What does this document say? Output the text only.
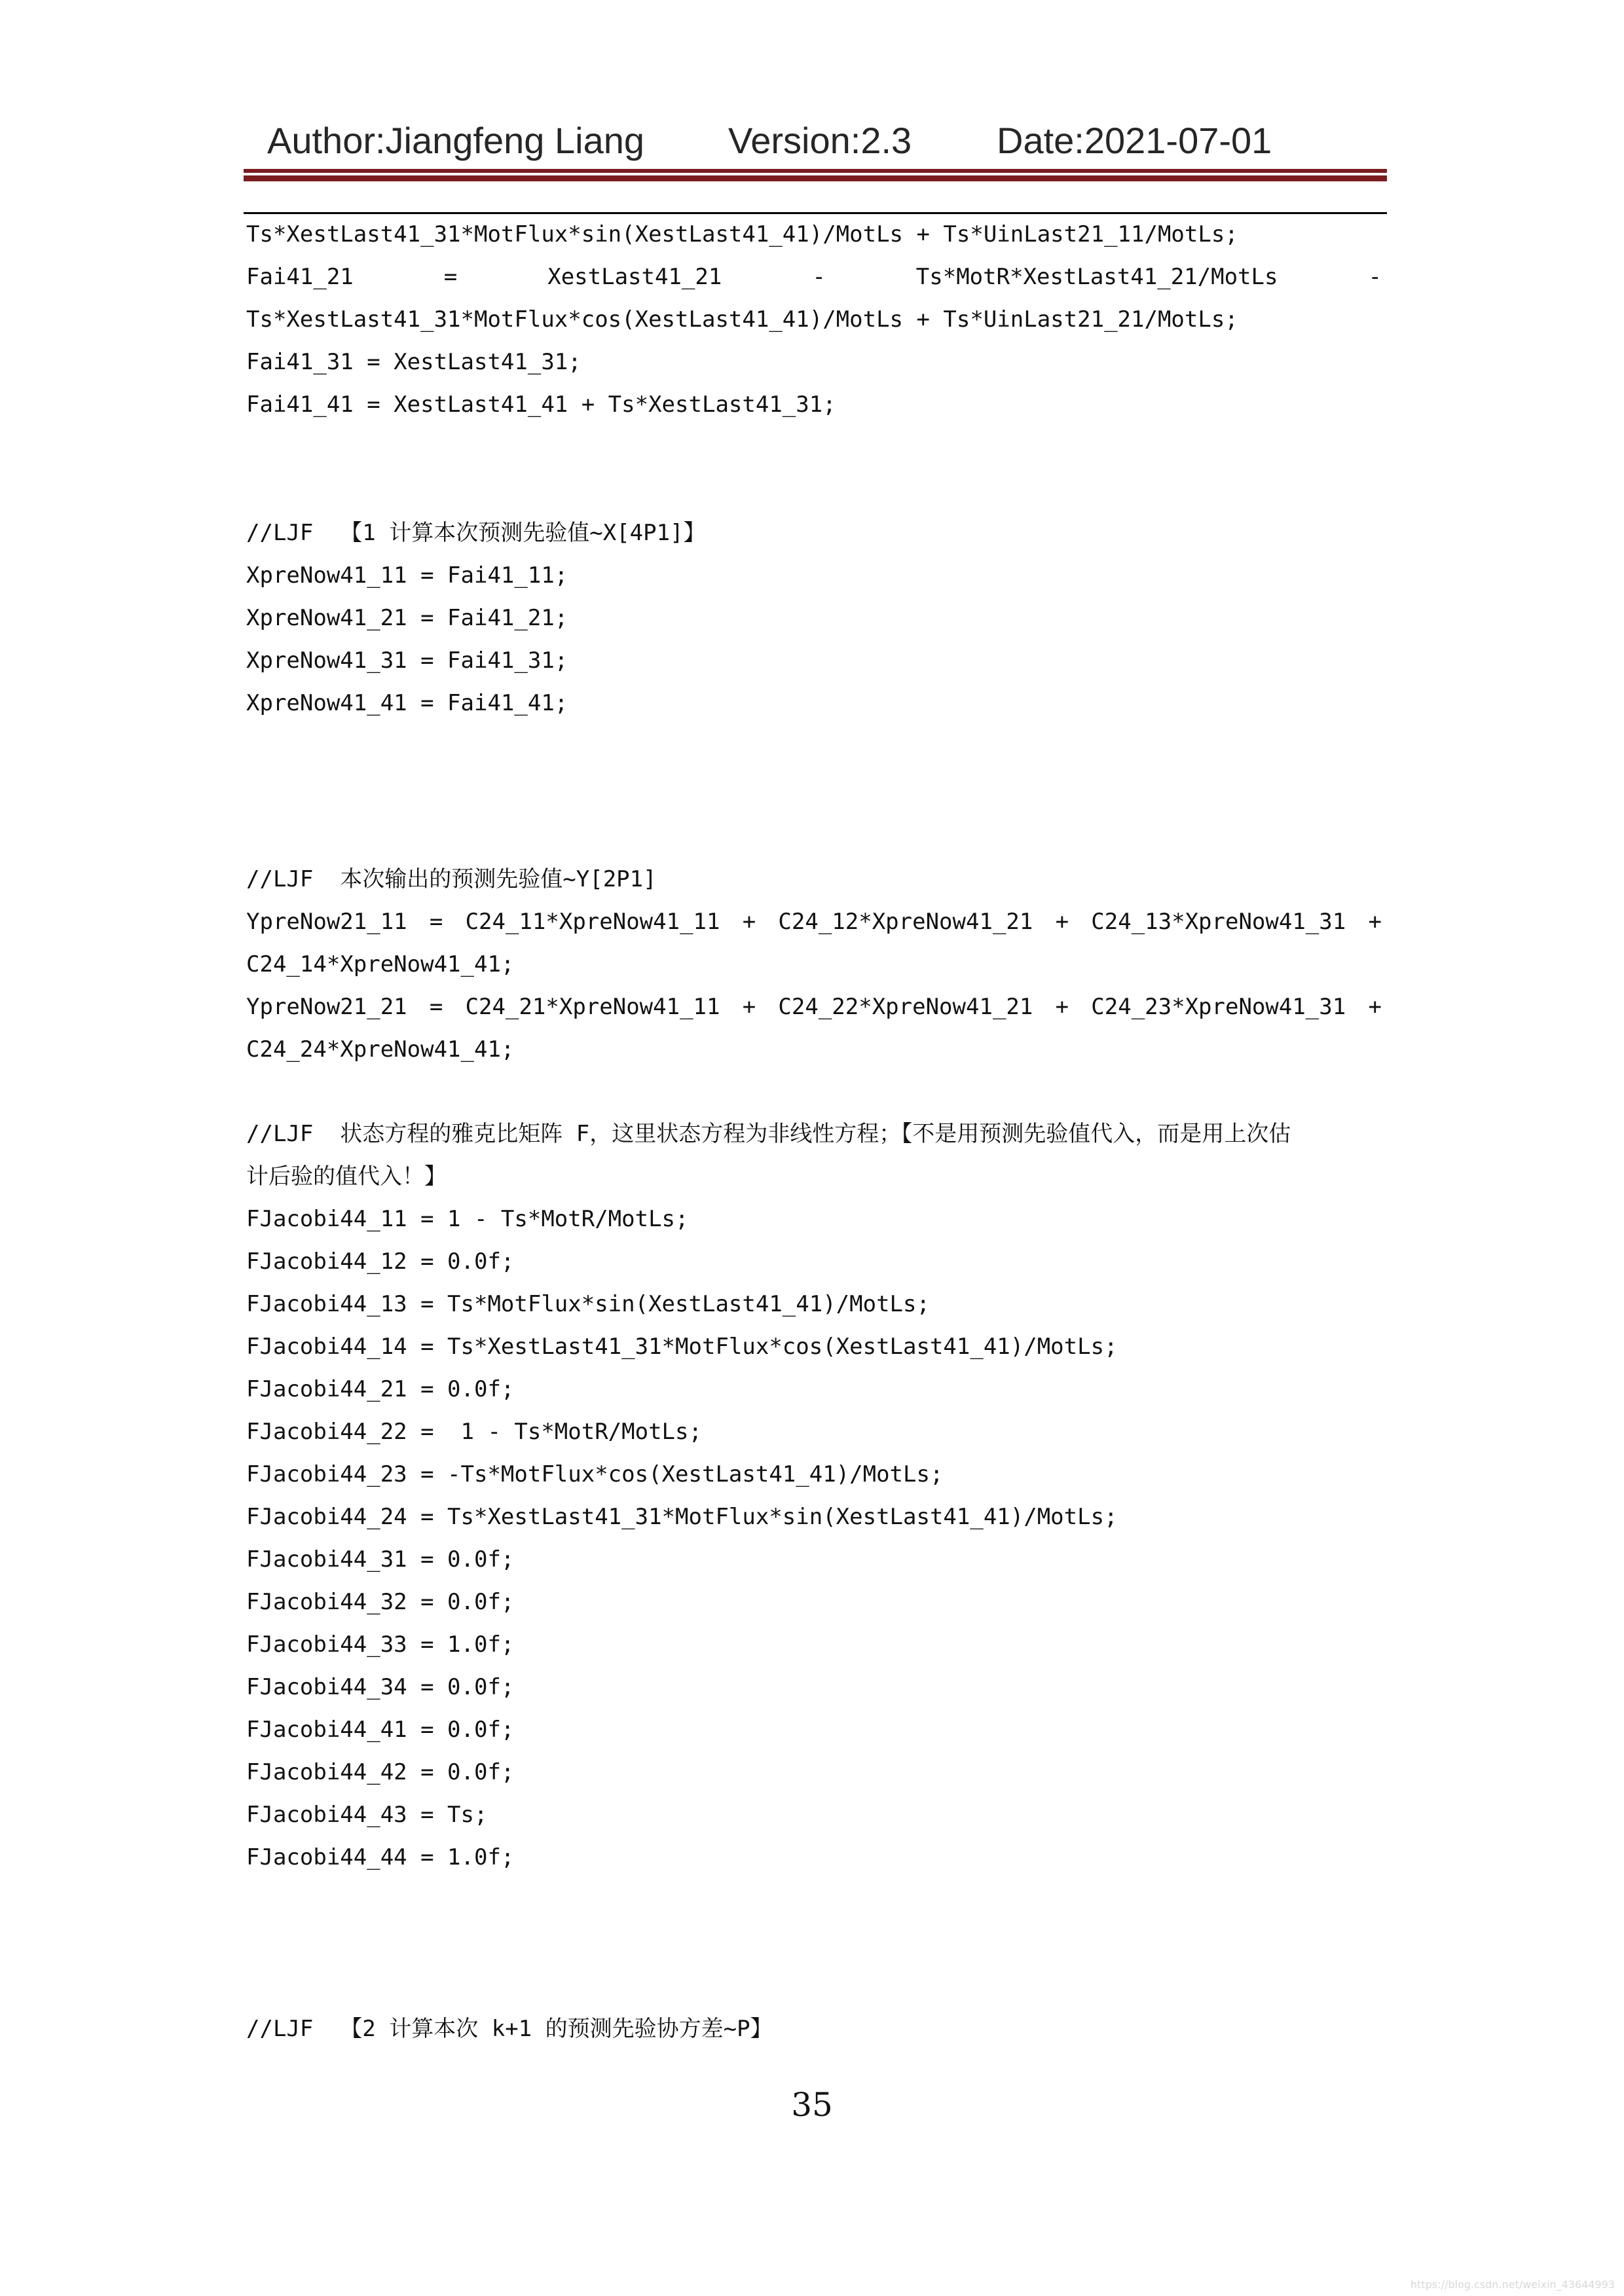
Author:Jiangfeng Liang Version:2.3 Date:2021-07-01
Ts*XestLast41_31*MotFlux*sin(XestLast41_41)/MotLs + Ts*UinLast21_11/MotLs;
Fai41_21	=	XestLast41_21	-	Ts*MotR*XestLast41_21/MotLs	-
Ts*XestLast41_31*MotFlux*cos(XestLast41_41)/MotLs + Ts*UinLast21_21/MotLs;
Fai41_31 = XestLast41_31;
Fai41_41 = XestLast41_41 + Ts*XestLast41_31;
//LJF  【1 计算本次预测先验值~X[4P1]】
XpreNow41_11 = Fai41_11;
XpreNow41_21 = Fai41_21;
XpreNow41_31 = Fai41_31;
XpreNow41_41 = Fai41_41;
//LJF  本次输出的预测先验值~Y[2P1]
YpreNow21_11 = C24_11*XpreNow41_11 + C24_12*XpreNow41_21 + C24_13*XpreNow41_31 +
C24_14*XpreNow41_41;
YpreNow21_21 = C24_21*XpreNow41_11 + C24_22*XpreNow41_21 + C24_23*XpreNow41_31 +
C24_24*XpreNow41_41;
//LJF  状态方程的雅克比矩阵 F，这里状态方程为非线性方程；【不是用预测先验值代入，而是用上次估
计后验的值代入！】
FJacobi44_11 = 1 - Ts*MotR/MotLs;
FJacobi44_12 = 0.0f;
FJacobi44_13 = Ts*MotFlux*sin(XestLast41_41)/MotLs;
FJacobi44_14 = Ts*XestLast41_31*MotFlux*cos(XestLast41_41)/MotLs;
FJacobi44_21 = 0.0f;
FJacobi44_22 =  1 - Ts*MotR/MotLs;
FJacobi44_23 = -Ts*MotFlux*cos(XestLast41_41)/MotLs;
FJacobi44_24 = Ts*XestLast41_31*MotFlux*sin(XestLast41_41)/MotLs;
FJacobi44_31 = 0.0f;
FJacobi44_32 = 0.0f;
FJacobi44_33 = 1.0f;
FJacobi44_34 = 0.0f;
FJacobi44_41 = 0.0f;
FJacobi44_42 = 0.0f;
FJacobi44_43 = Ts;
FJacobi44_44 = 1.0f;
//LJF  【2 计算本次 k+1 的预测先验协方差~P】
35
https://blog.csdn.net/weixin_43644993
